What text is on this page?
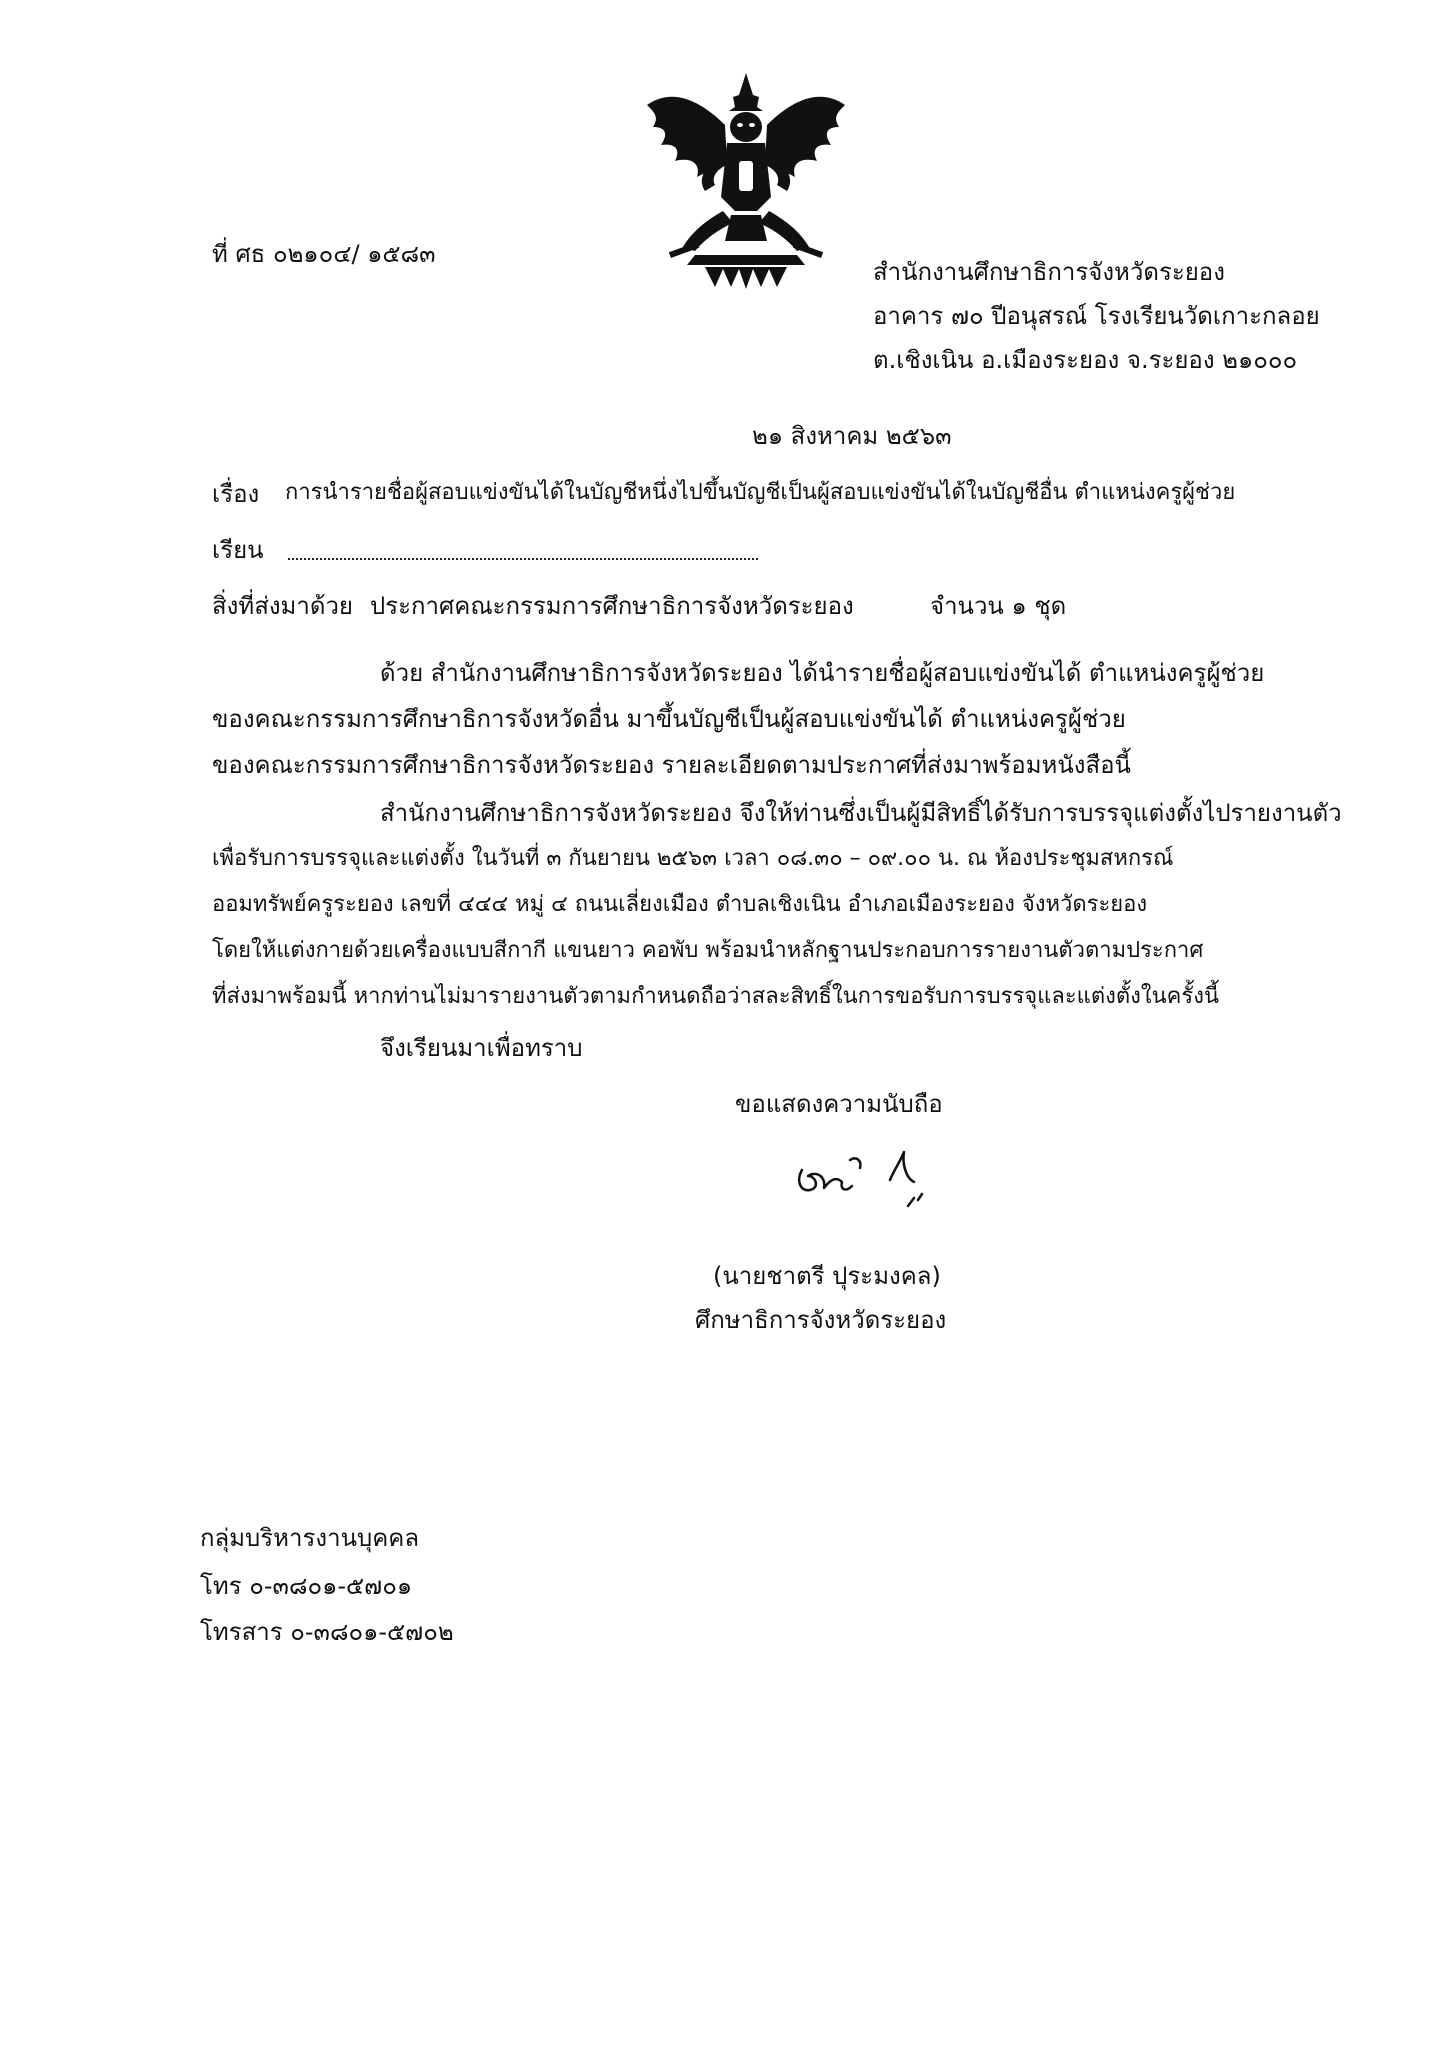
ที่ ศธ ๐๒๑๐๔/ ๑๕๘๓
สำนักงานศึกษาธิการจังหวัดระยอง
อาคาร ๗๐ ปีอนุสรณ์ โรงเรียนวัดเกาะกลอย
ต.เชิงเนิน อ.เมืองระยอง จ.ระยอง ๒๑๐๐๐
๒๑ สิงหาคม ๒๕๖๓
เรื่อง การนำรายชื่อผู้สอบแข่งขันได้ในบัญชีหนึ่งไปขึ้นบัญชีเป็นผู้สอบแข่งขันได้ในบัญชีอื่น ตำแหน่งครูผู้ช่วย
เรียน
สิ่งที่ส่งมาด้วย ประกาศคณะกรรมการศึกษาธิการจังหวัดระยอง	จำนวน ๑ ชุด
ด้วย สำนักงานศึกษาธิการจังหวัดระยอง ได้นำรายชื่อผู้สอบแข่งขันได้ ตำแหน่งครูผู้ช่วย
ของคณะกรรมการศึกษาธิการจังหวัดอื่น มาขึ้นบัญชีเป็นผู้สอบแข่งขันได้ ตำแหน่งครูผู้ช่วย
ของคณะกรรมการศึกษาธิการจังหวัดระยอง รายละเอียดตามประกาศที่ส่งมาพร้อมหนังสือนี้
สำนักงานศึกษาธิการจังหวัดระยอง จึงให้ท่านซึ่งเป็นผู้มีสิทธิ์ได้รับการบรรจุแต่งตั้งไปรายงานตัว
เพื่อรับการบรรจุและแต่งตั้ง ในวันที่ ๓ กันยายน ๒๕๖๓ เวลา ๐๘.๓๐ – ๐๙.๐๐ น. ณ ห้องประชุมสหกรณ์
ออมทรัพย์ครูระยอง เลขที่ ๔๔๔ หมู่ ๔ ถนนเลี่ยงเมือง ตำบลเชิงเนิน อำเภอเมืองระยอง จังหวัดระยอง
โดยให้แต่งกายด้วยเครื่องแบบสีกากี แขนยาว คอพับ พร้อมนำหลักฐานประกอบการรายงานตัวตามประกาศ
ที่ส่งมาพร้อมนี้ หากท่านไม่มารายงานตัวตามกำหนดถือว่าสละสิทธิ์ในการขอรับการบรรจุและแต่งตั้งในครั้งนี้
จึงเรียนมาเพื่อทราบ
ขอแสดงความนับถือ
(นายชาตรี ปุระมงคล)
ศึกษาธิการจังหวัดระยอง
กลุ่มบริหารงานบุคคล
โทร ๐-๓๘๐๑-๕๗๐๑
โทรสาร ๐-๓๘๐๑-๕๗๐๒
